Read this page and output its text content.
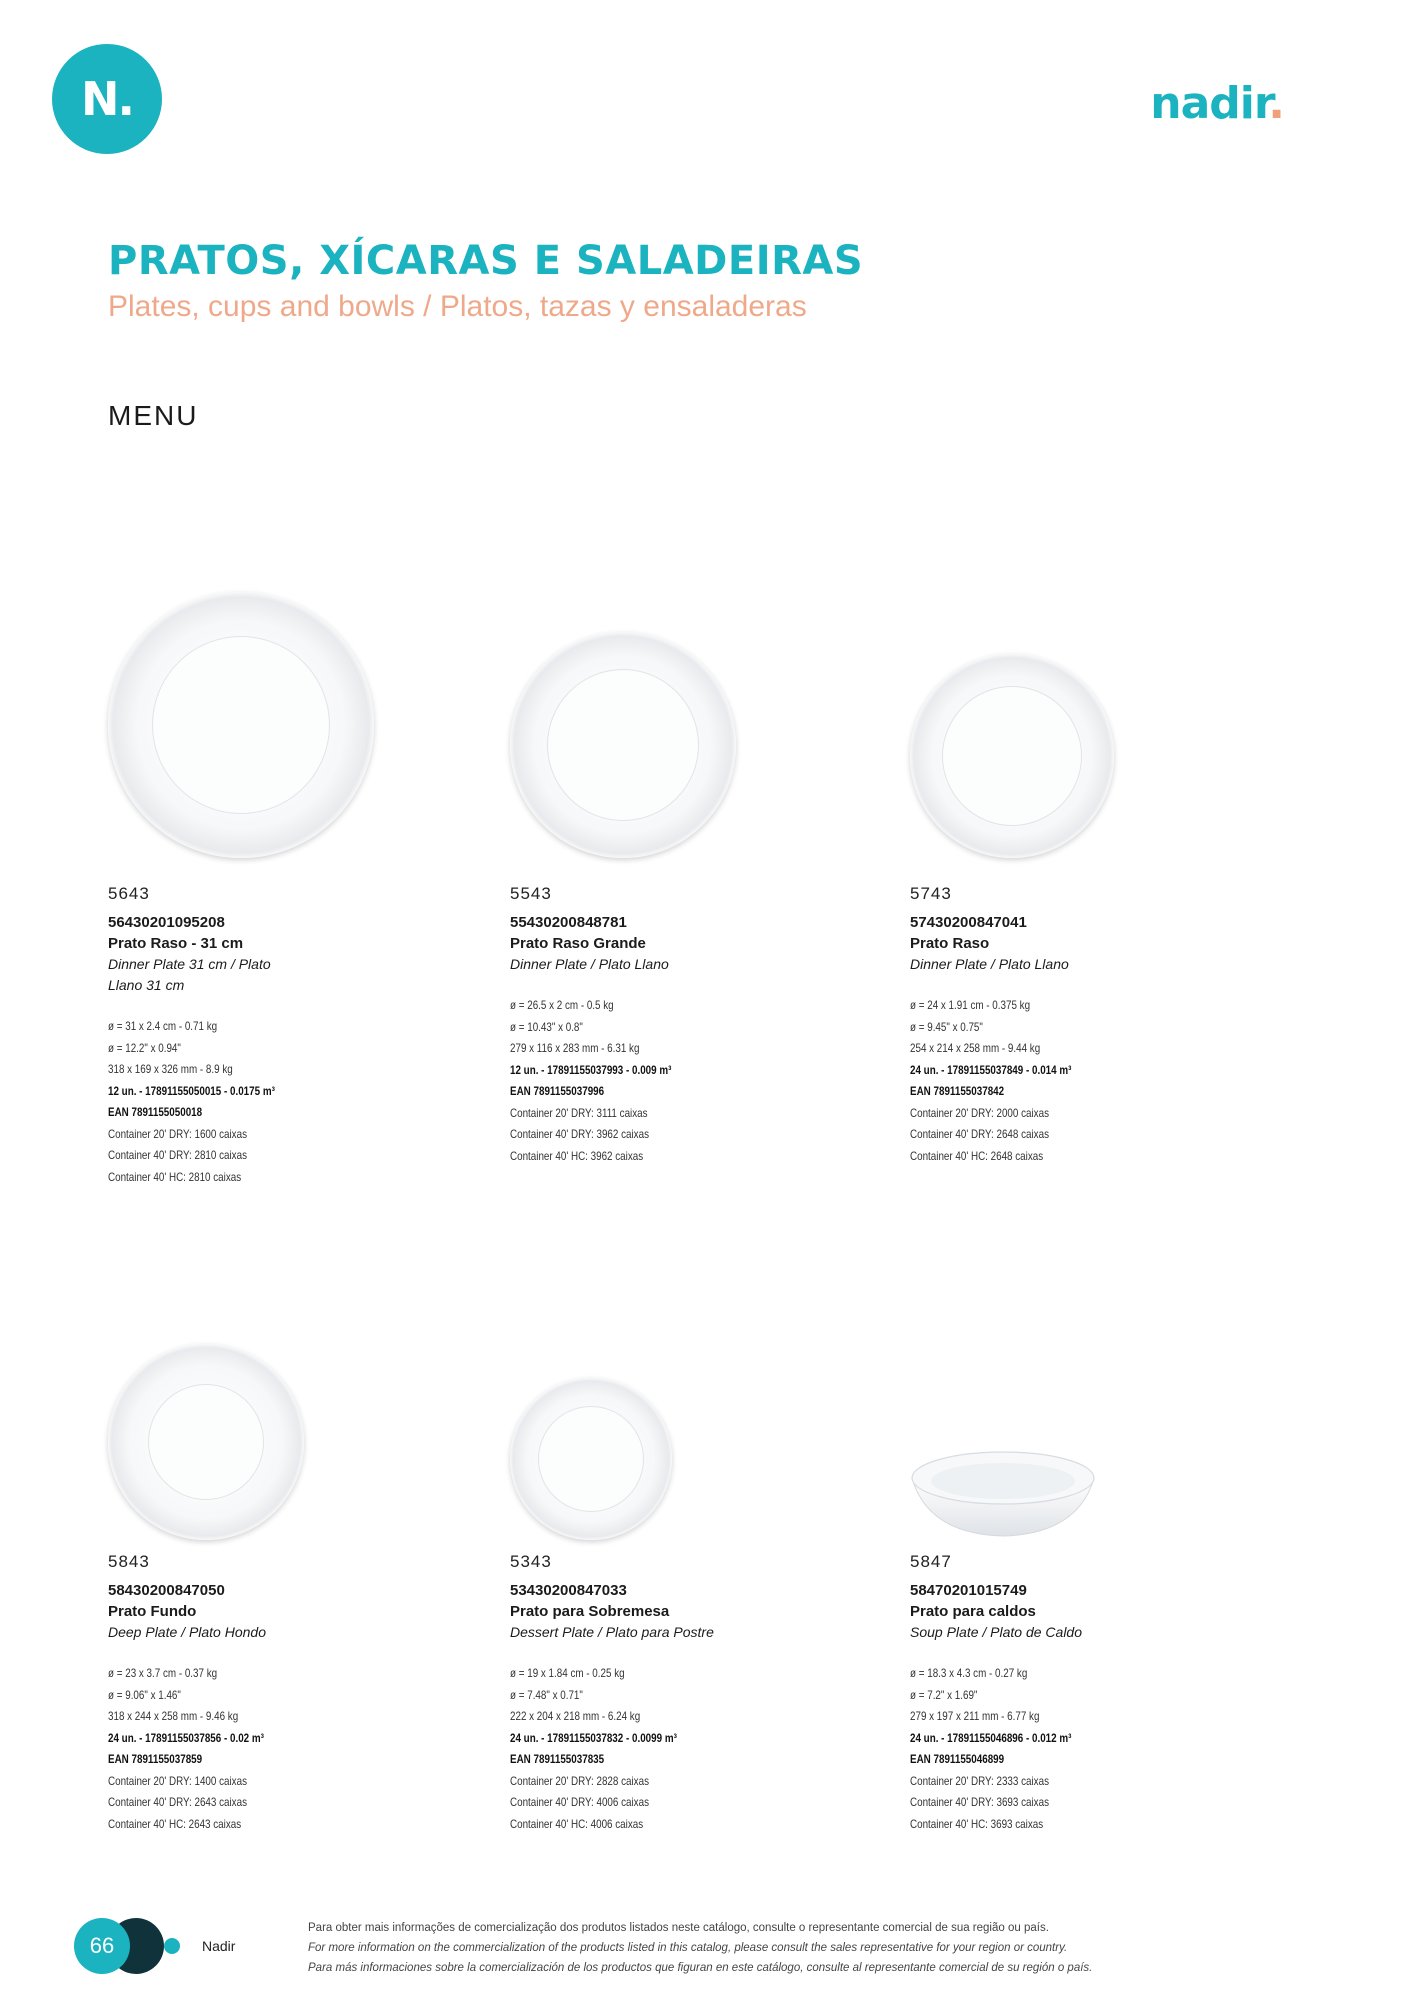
N.	nadir.
PRATOS, XÍCARAS E SALADEIRAS
Plates, cups and bowls / Platos, tazas y ensaladeras
MENU

5643

56430201095208

Prato Raso - 31 cm

Dinner Plate 31 cm / Plato Llano 31 cm

ø = 31 x 2.4 cm - 0.71 kg

ø = 12.2" x 0.94"

318 x 169 x 326 mm - 8.9 kg

12 un. - 17891155050015 - 0.0175 m³

EAN 7891155050018

Container 20' DRY: 1600 caixas

Container 40' DRY: 2810 caixas

Container 40' HC: 2810 caixas

5543

55430200848781

Prato Raso Grande

Dinner Plate / Plato Llano

ø = 26.5 x 2 cm - 0.5 kg

ø = 10.43" x 0.8"

279 x 116 x 283 mm - 6.31 kg

12 un. - 17891155037993 - 0.009 m³

EAN 7891155037996

Container 20' DRY: 3111 caixas

Container 40' DRY: 3962 caixas

Container 40' HC: 3962 caixas

5743

57430200847041

Prato Raso

Dinner Plate / Plato Llano

ø = 24 x 1.91 cm - 0.375 kg

ø = 9.45" x 0.75"

254 x 214 x 258 mm - 9.44 kg

24 un. - 17891155037849 - 0.014 m³

EAN 7891155037842

Container 20' DRY: 2000 caixas

Container 40' DRY: 2648 caixas

Container 40' HC: 2648 caixas

5843

58430200847050

Prato Fundo

Deep Plate / Plato Hondo

ø = 23 x 3.7 cm - 0.37 kg

ø = 9.06" x 1.46"

318 x 244 x 258 mm - 9.46 kg

24 un. - 17891155037856 - 0.02 m³

EAN 7891155037859

Container 20' DRY: 1400 caixas

Container 40' DRY: 2643 caixas

Container 40' HC: 2643 caixas

5343

53430200847033

Prato para Sobremesa

Dessert Plate / Plato para Postre

ø = 19 x 1.84 cm - 0.25 kg

ø = 7.48" x 0.71"

222 x 204 x 218 mm - 6.24 kg

24 un. - 17891155037832 - 0.0099 m³

EAN 7891155037835

Container 20' DRY: 2828 caixas

Container 40' DRY: 4006 caixas

Container 40' HC: 4006 caixas

5847

58470201015749

Prato para caldos

Soup Plate / Plato de Caldo

ø = 18.3 x 4.3 cm - 0.27 kg

ø = 7.2" x 1.69"

279 x 197 x 211 mm - 6.77 kg

24 un. - 17891155046896 - 0.012 m³

EAN 7891155046899

Container 20' DRY: 2333 caixas

Container 40' DRY: 3693 caixas

Container 40' HC: 3693 caixas

66	Nadir

Para obter mais informações de comercialização dos produtos listados neste catálogo, consulte o representante comercial de sua região ou país.

For more information on the commercialization of the products listed in this catalog, please consult the sales representative for your region or country.

Para más informaciones sobre la comercialización de los productos que figuran en este catálogo, consulte al representante comercial de su región o país.
